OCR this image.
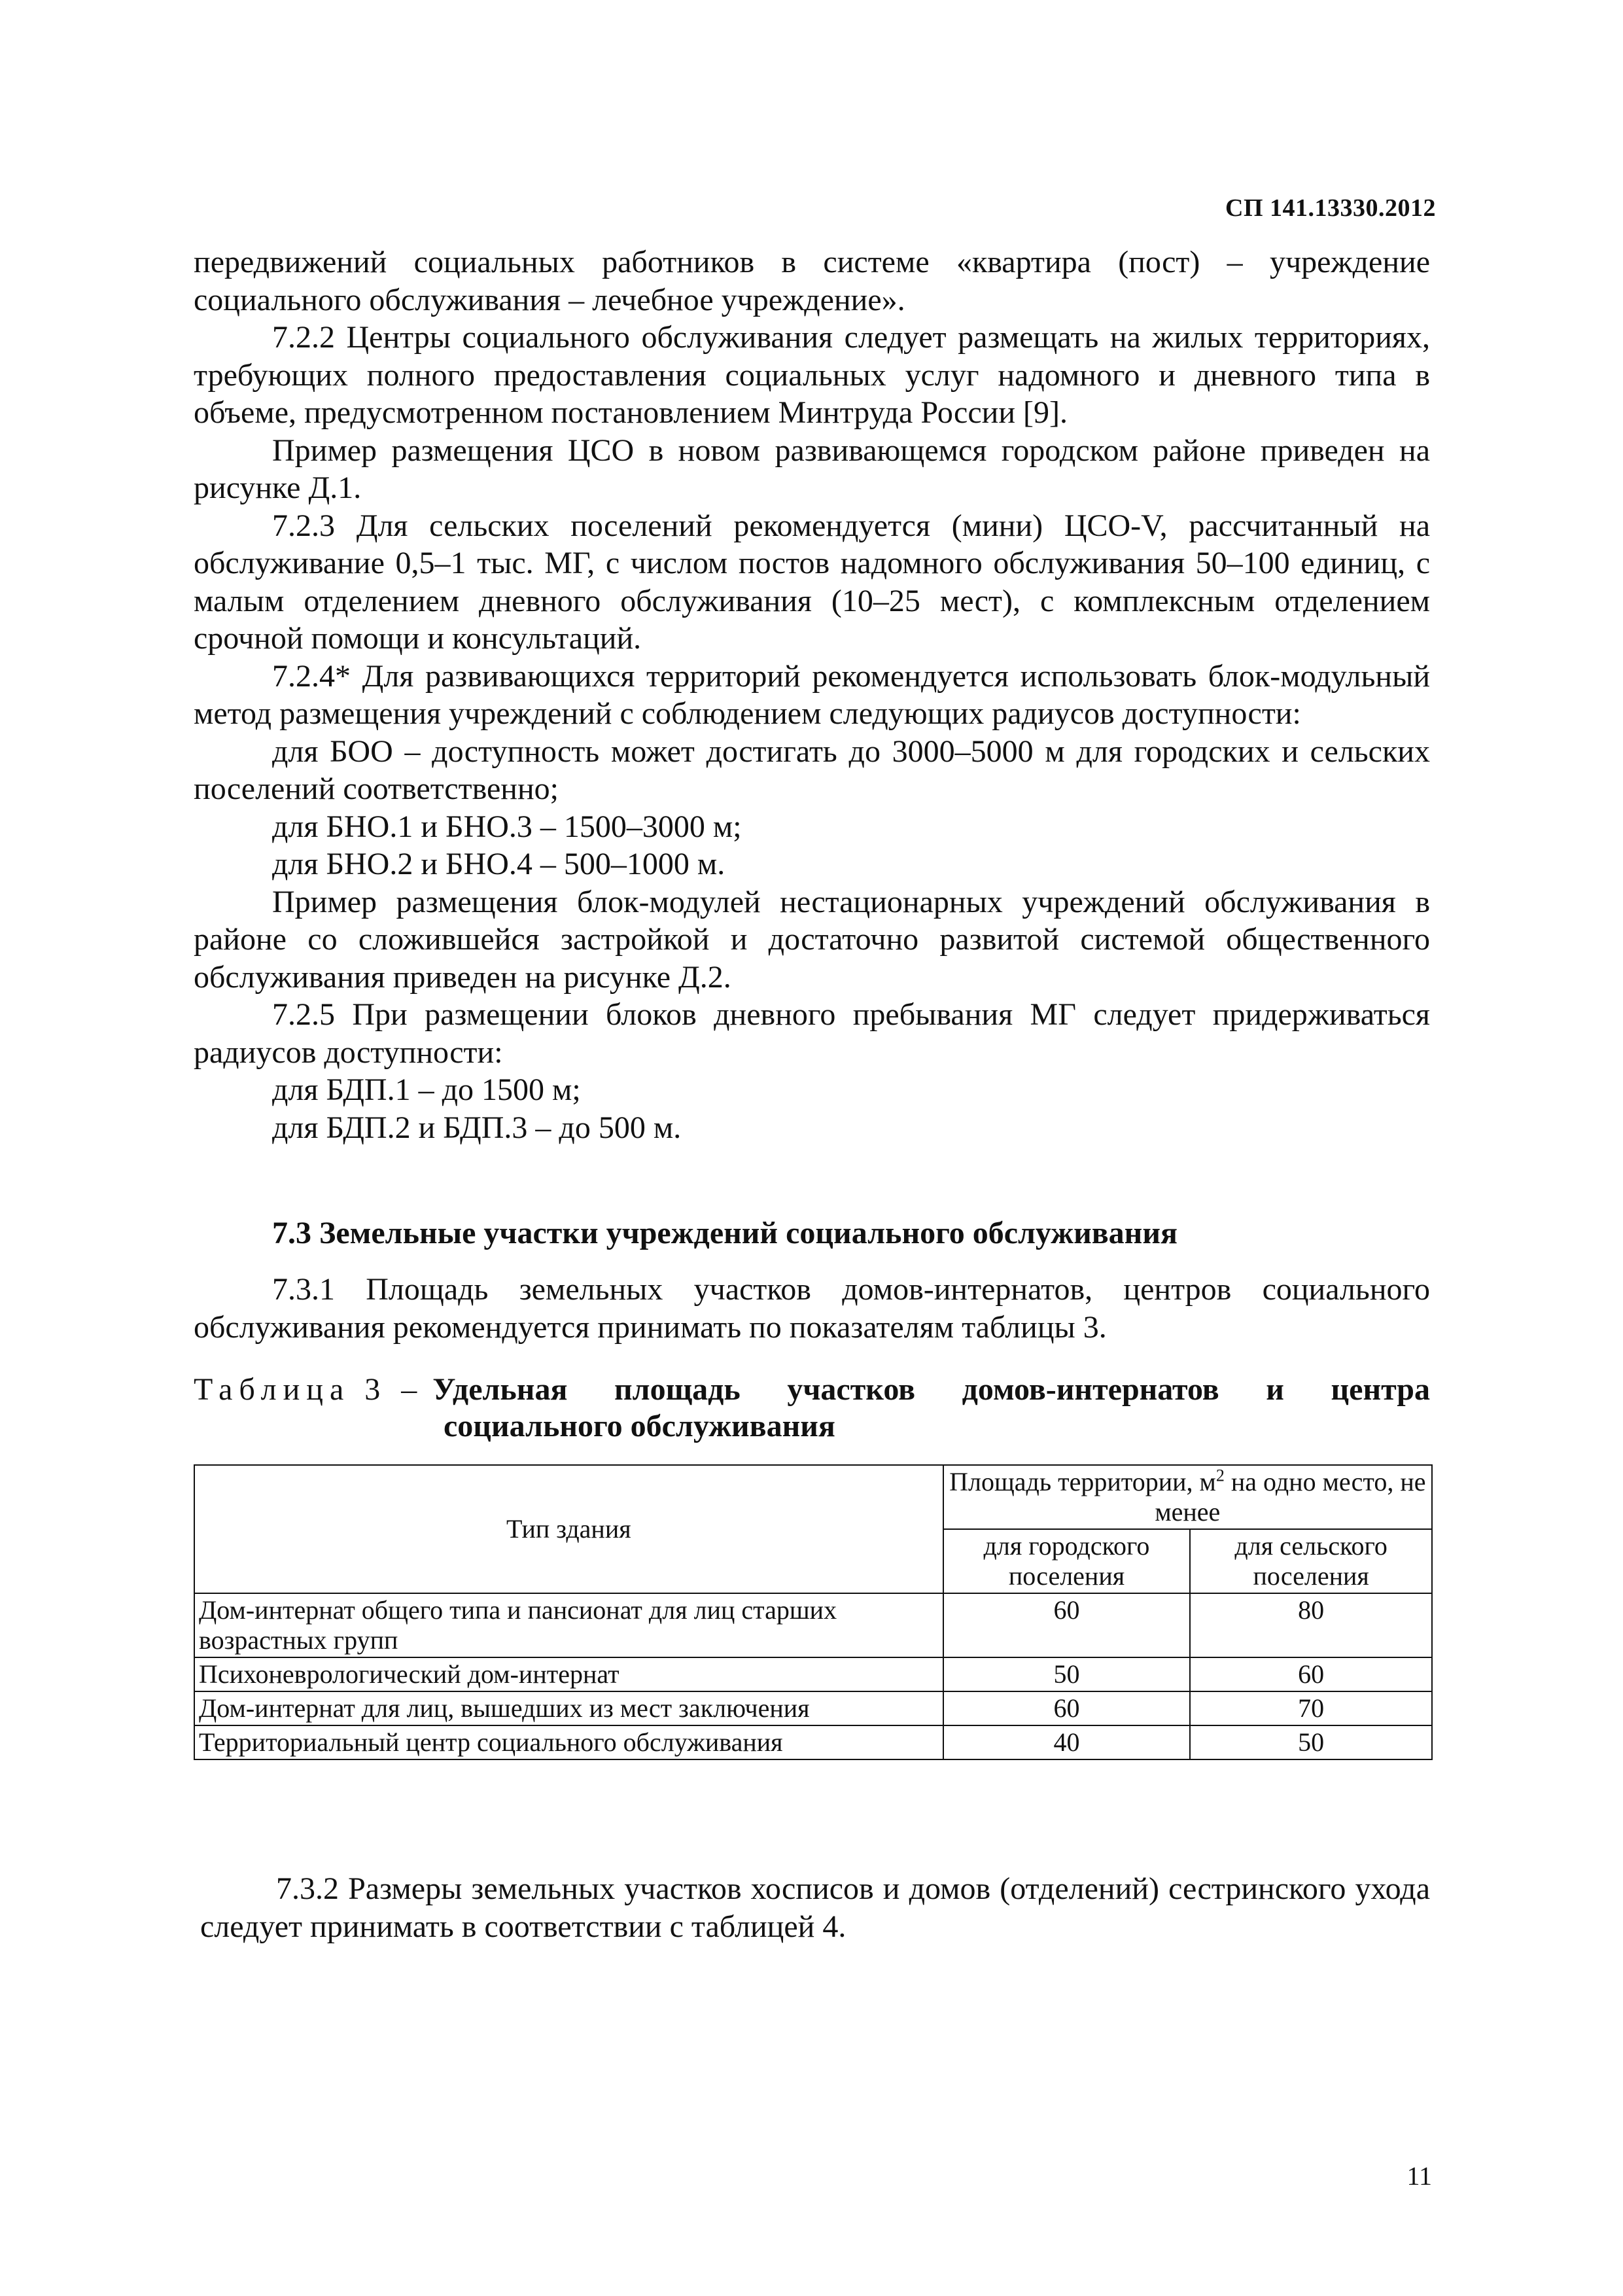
СП 141.13330.2012

передвижений социальных работников в системе «квартира (пост) – учреждение социального обслуживания – лечебное учреждение».

7.2.2 Центры социального обслуживания следует размещать на жилых территориях, требующих полного предоставления социальных услуг надомного и дневного типа в объеме, предусмотренном постановлением Минтруда России [9].

Пример размещения ЦСО в новом развивающемся городском районе приведен на рисунке Д.1.

7.2.3 Для сельских поселений рекомендуется (мини) ЦСО-V, рассчитанный на обслуживание 0,5–1 тыс. МГ, с числом постов надомного обслуживания 50–100 единиц, с малым отделением дневного обслуживания (10–25 мест), с комплексным отделением срочной помощи и консультаций.

7.2.4* Для развивающихся территорий рекомендуется использовать блок-модульный метод размещения учреждений с соблюдением следующих радиусов доступности:

для БОО – доступность может достигать до 3000–5000 м для городских и сельских поселений соответственно;

для БНО.1 и БНО.3 – 1500–3000 м;

для БНО.2 и БНО.4 – 500–1000 м.

Пример размещения блок-модулей нестационарных учреждений обслуживания в районе со сложившейся застройкой и достаточно развитой системой общественного обслуживания приведен на рисунке Д.2.

7.2.5 При размещении блоков дневного пребывания МГ следует придерживаться радиусов доступности:

для БДП.1 – до 1500 м;

для БДП.2 и БДП.3 – до 500 м.

7.3 Земельные участки учреждений социального обслуживания

7.3.1 Площадь земельных участков домов-интернатов, центров социального обслуживания рекомендуется принимать по показателям таблицы 3.

Таблица 3 – Удельная площадь участков домов-интернатов и центра
социального обслуживания
Тип здания	Площадь территории, $м^2$ на одно место, не менее	
	для городского поселения	для сельского поселения
Дом-интернат общего типа и пансионат для лиц старших возрастных групп	60	80
Психоневрологический дом-интернат	50	60
Дом-интернат для лиц, вышедших из мест заключения	60	70
Территориальный центр социального обслуживания	40	50

7.3.2 Размеры земельных участков хосписов и домов (отделений) сестринского ухода следует принимать в соответствии с таблицей 4.

11
